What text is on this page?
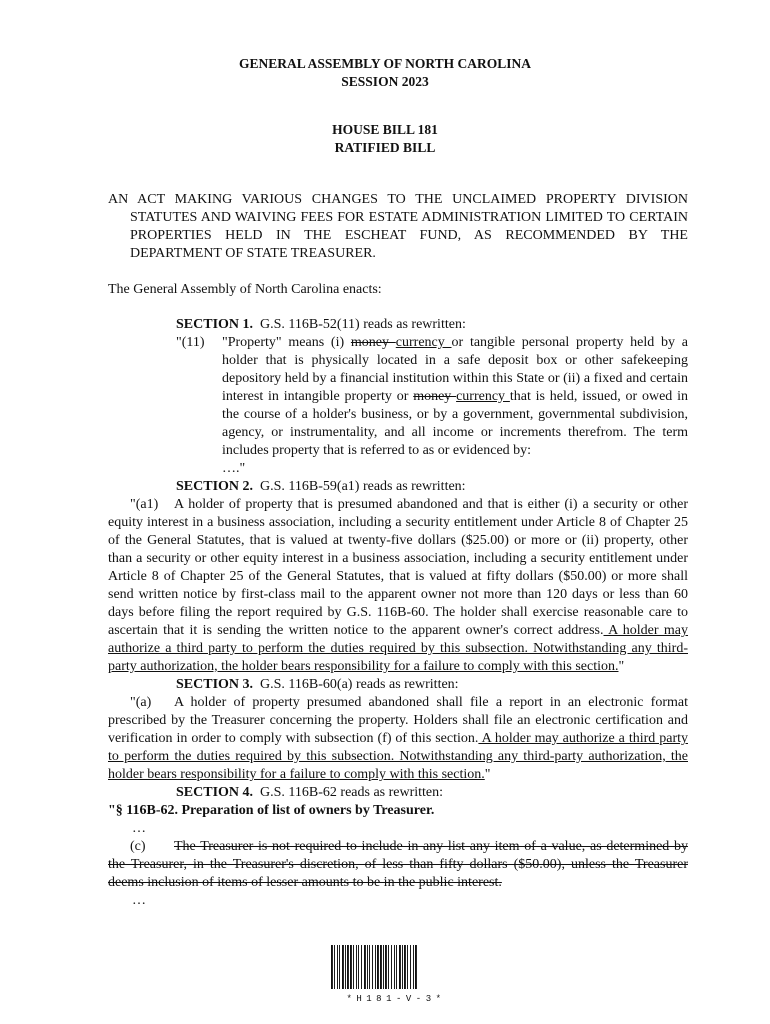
GENERAL ASSEMBLY OF NORTH CAROLINA
SESSION 2023
HOUSE BILL 181
RATIFIED BILL
AN ACT MAKING VARIOUS CHANGES TO THE UNCLAIMED PROPERTY DIVISION STATUTES AND WAIVING FEES FOR ESTATE ADMINISTRATION LIMITED TO CERTAIN PROPERTIES HELD IN THE ESCHEAT FUND, AS RECOMMENDED BY THE DEPARTMENT OF STATE TREASURER.
The General Assembly of North Carolina enacts:
SECTION 1. G.S. 116B-52(11) reads as rewritten:
"(11)	"Property" means (i) money currency or tangible personal property held by a holder that is physically located in a safe deposit box or other safekeeping depository held by a financial institution within this State or (ii) a fixed and certain interest in intangible property or money currency that is held, issued, or owed in the course of a holder's business, or by a government, governmental subdivision, agency, or instrumentality, and all income or increments therefrom. The term includes property that is referred to as or evidenced by:
…."
SECTION 2. G.S. 116B-59(a1) reads as rewritten:
"(a1) A holder of property that is presumed abandoned and that is either (i) a security or other equity interest in a business association, including a security entitlement under Article 8 of Chapter 25 of the General Statutes, that is valued at twenty-five dollars ($25.00) or more or (ii) property, other than a security or other equity interest in a business association, including a security entitlement under Article 8 of Chapter 25 of the General Statutes, that is valued at fifty dollars ($50.00) or more shall send written notice by first-class mail to the apparent owner not more than 120 days or less than 60 days before filing the report required by G.S. 116B-60. The holder shall exercise reasonable care to ascertain that it is sending the written notice to the apparent owner's correct address. A holder may authorize a third party to perform the duties required by this subsection. Notwithstanding any third-party authorization, the holder bears responsibility for a failure to comply with this section."
SECTION 3. G.S. 116B-60(a) reads as rewritten:
"(a) A holder of property presumed abandoned shall file a report in an electronic format prescribed by the Treasurer concerning the property. Holders shall file an electronic certification and verification in order to comply with subsection (f) of this section. A holder may authorize a third party to perform the duties required by this subsection. Notwithstanding any third-party authorization, the holder bears responsibility for a failure to comply with this section."
SECTION 4. G.S. 116B-62 reads as rewritten:
"§ 116B-62. Preparation of list of owners by Treasurer.
…
(c) The Treasurer is not required to include in any list any item of a value, as determined by the Treasurer, in the Treasurer's discretion, of less than fifty dollars ($50.00), unless the Treasurer deems inclusion of items of lesser amounts to be in the public interest.
…
*H181-V-3*
